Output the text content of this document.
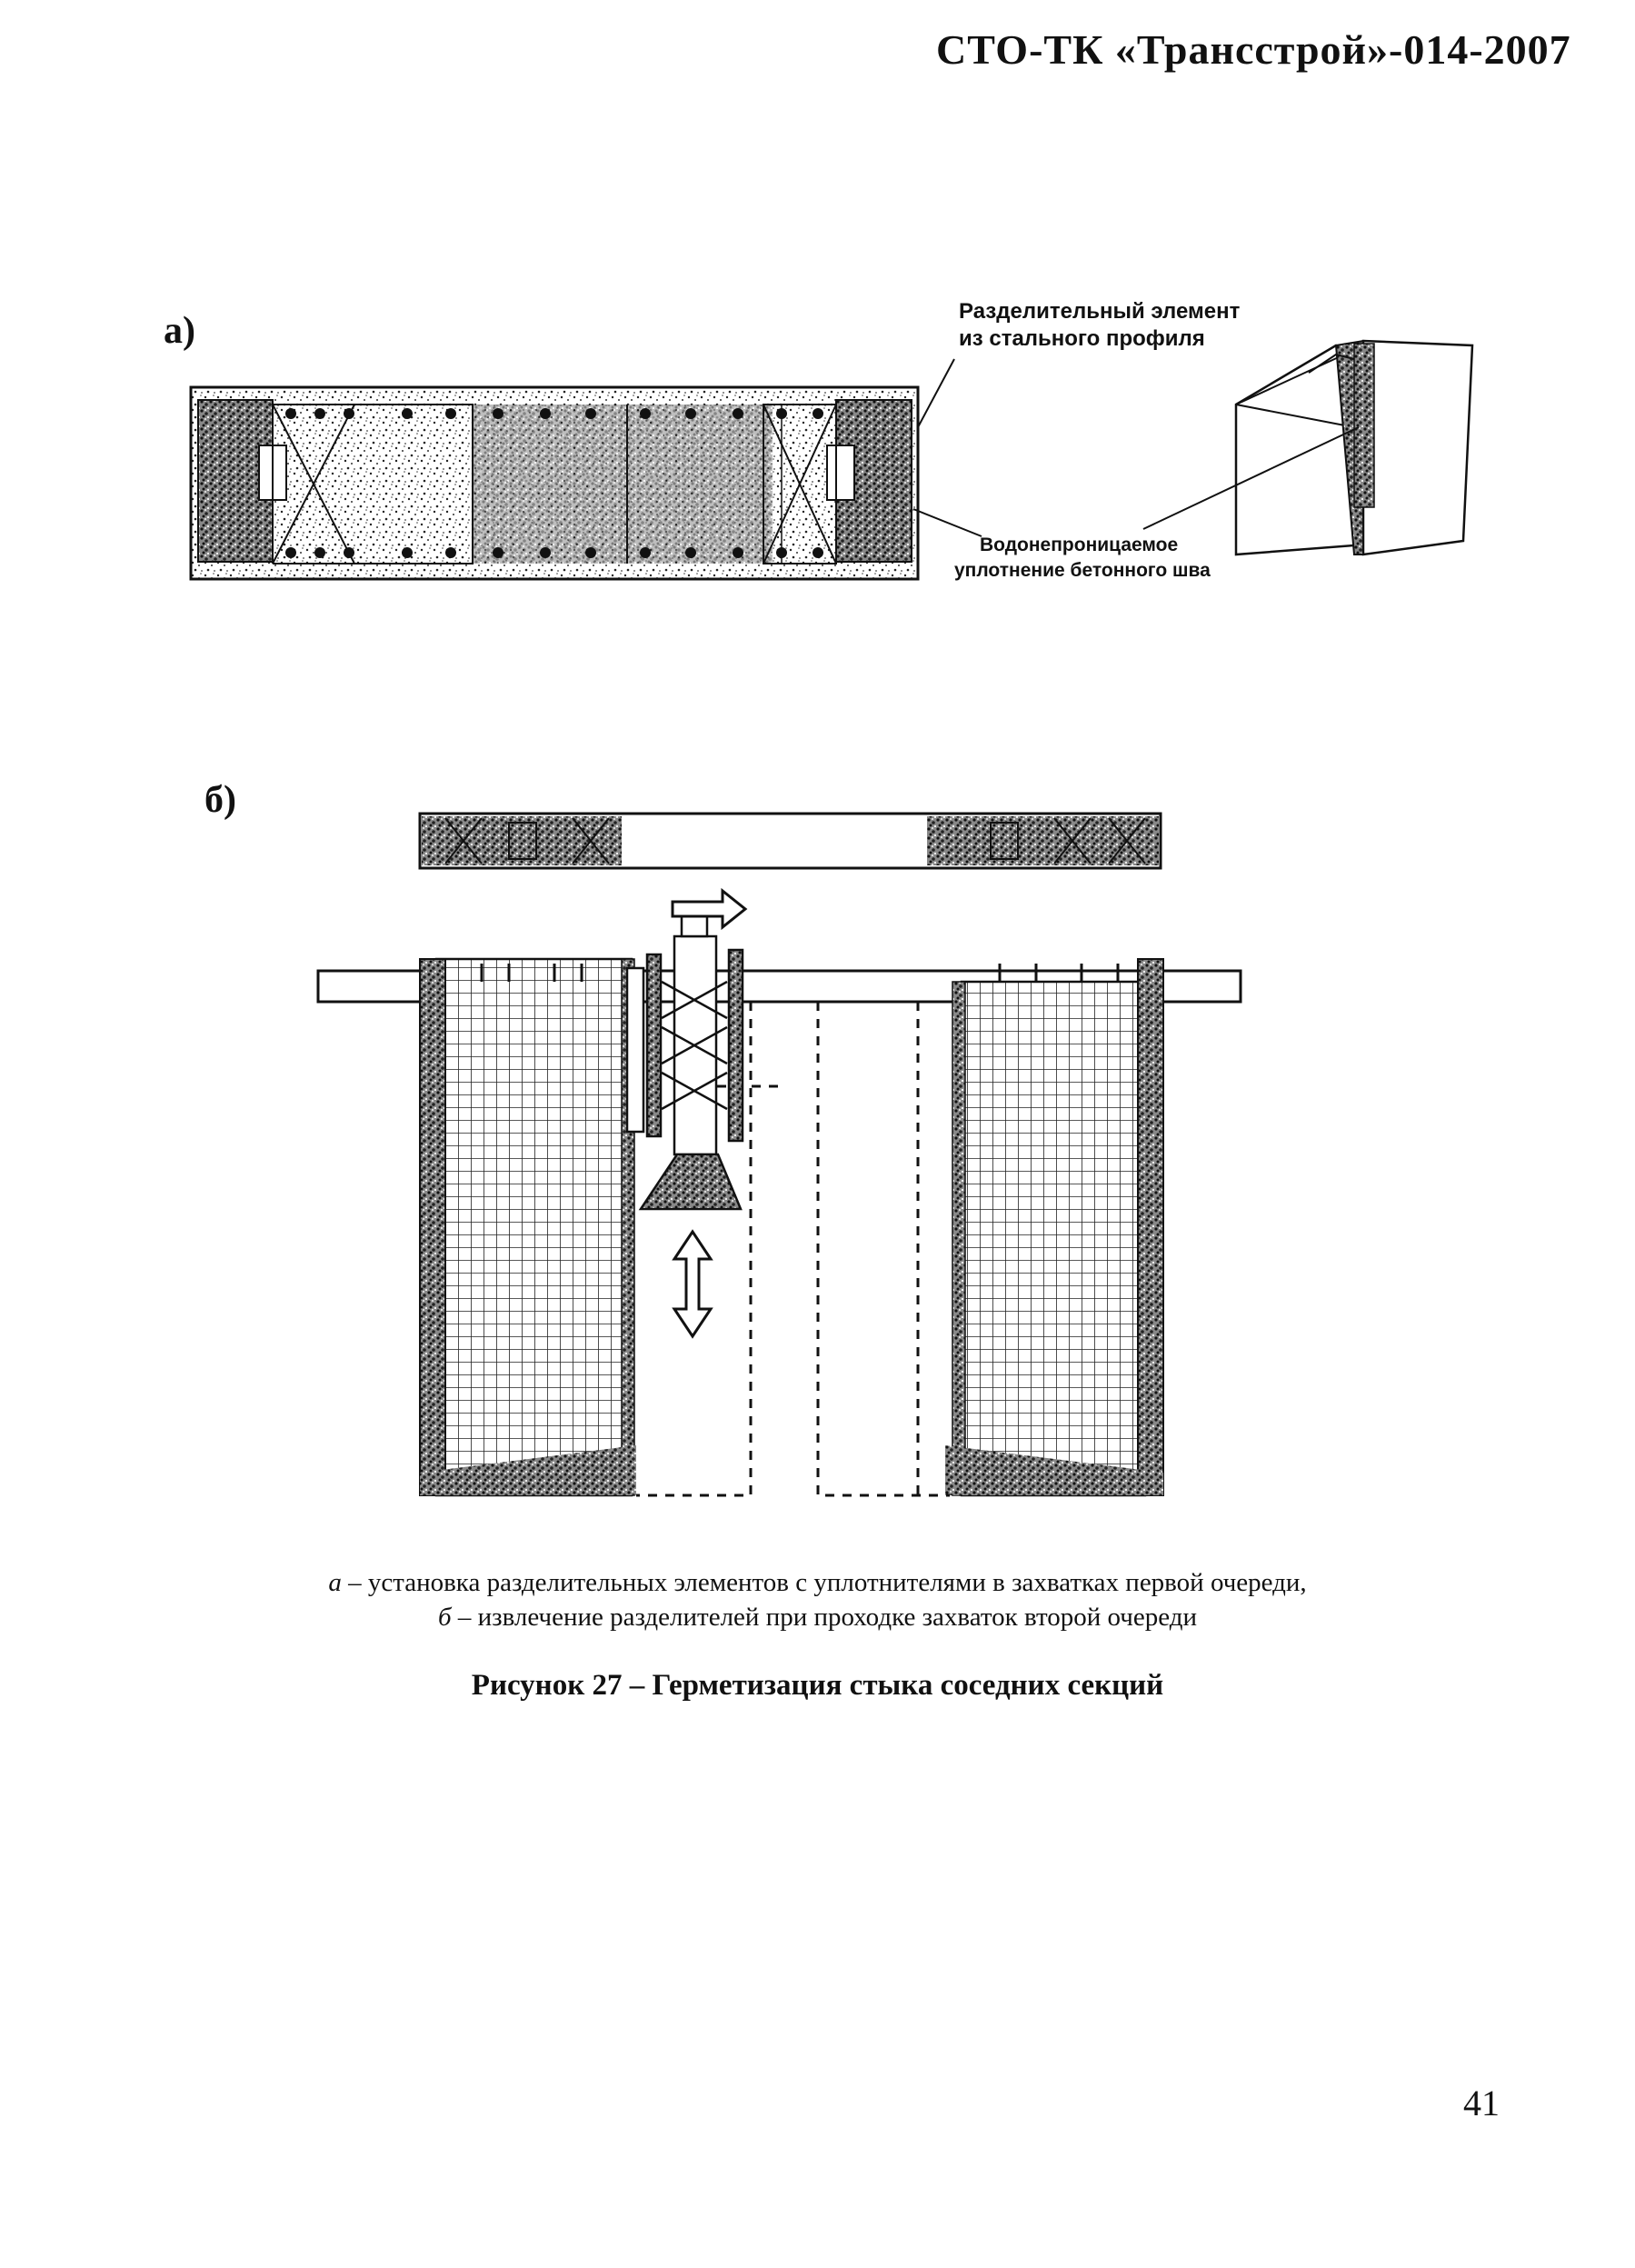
СТО-ТК «Трансстрой»-014-2007
а)
б)
Разделительный элемент
из стального профиля
Водонепроницаемое
уплотнение бетонного шва
а – установка разделительных элементов с уплотнителями в захватках первой очереди,
б – извлечение разделителей при проходке захваток второй очереди
Рисунок 27 – Герметизация стыка соседних секций
41
